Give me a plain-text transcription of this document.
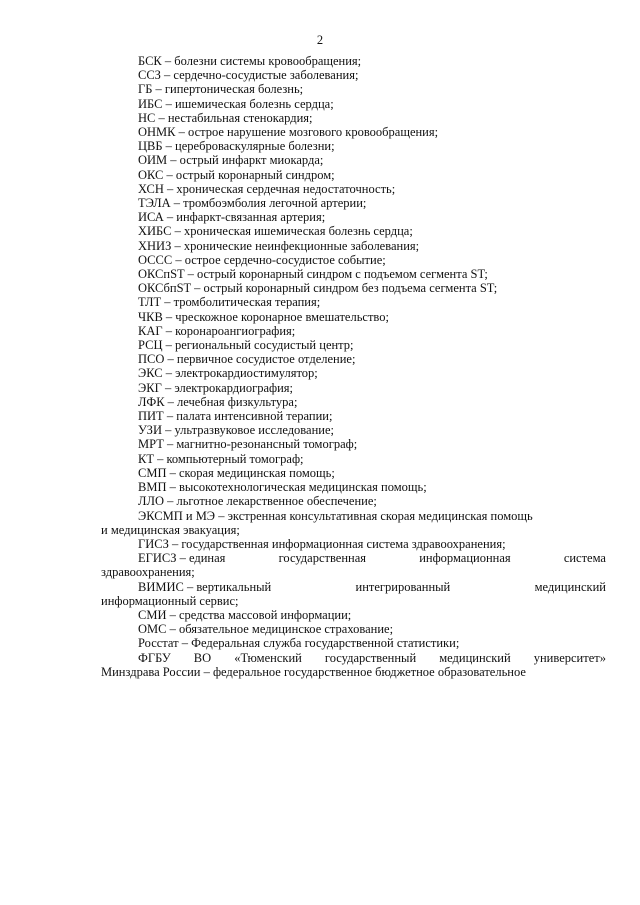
2
БСК – болезни системы кровообращения;
ССЗ – сердечно-сосудистые заболевания;
ГБ – гипертоническая болезнь;
ИБС – ишемическая болезнь сердца;
НС – нестабильная стенокардия;
ОНМК – острое нарушение мозгового кровообращения;
ЦВБ – цереброваскулярные болезни;
ОИМ – острый инфаркт миокарда;
ОКС – острый коронарный синдром;
ХСН – хроническая сердечная недостаточность;
ТЭЛА – тромбоэмболия легочной артерии;
ИСА – инфаркт-связанная артерия;
ХИБС – хроническая ишемическая болезнь сердца;
ХНИЗ – хронические неинфекционные заболевания;
ОССС – острое сердечно-сосудистое событие;
ОКСпST – острый коронарный синдром с подъемом сегмента ST;
ОКСбпST – острый коронарный синдром без подъема сегмента ST;
ТЛТ – тромболитическая терапия;
ЧКВ – чрескожное коронарное вмешательство;
КАГ – коронароангиография;
РСЦ – региональный сосудистый центр;
ПСО – первичное сосудистое отделение;
ЭКС – электрокардиостимулятор;
ЭКГ – электрокардиография;
ЛФК – лечебная физкультура;
ПИТ – палата интенсивной терапии;
УЗИ – ультразвуковое исследование;
МРТ – магнитно-резонансный томограф;
КТ – компьютерный томограф;
СМП – скорая медицинская помощь;
ВМП – высокотехнологическая медицинская помощь;
ЛЛО – льготное лекарственное обеспечение;
ЭКСМП и МЭ – экстренная консультативная скорая медицинская помощь
и медицинская эвакуация;
ГИСЗ – государственная информационная система здравоохранения;
ЕГИСЗ – единая	государственная	информационная	система
здравоохранения;
ВИМИС – вертикальный	интегрированный	медицинский
информационный сервис;
СМИ – средства массовой информации;
ОМС – обязательное медицинское страхование;
Росстат – Федеральная служба государственной статистики;
ФГБУ ВО «Тюменский государственный медицинский университет»
Минздрава России – федеральное государственное бюджетное образовательное
